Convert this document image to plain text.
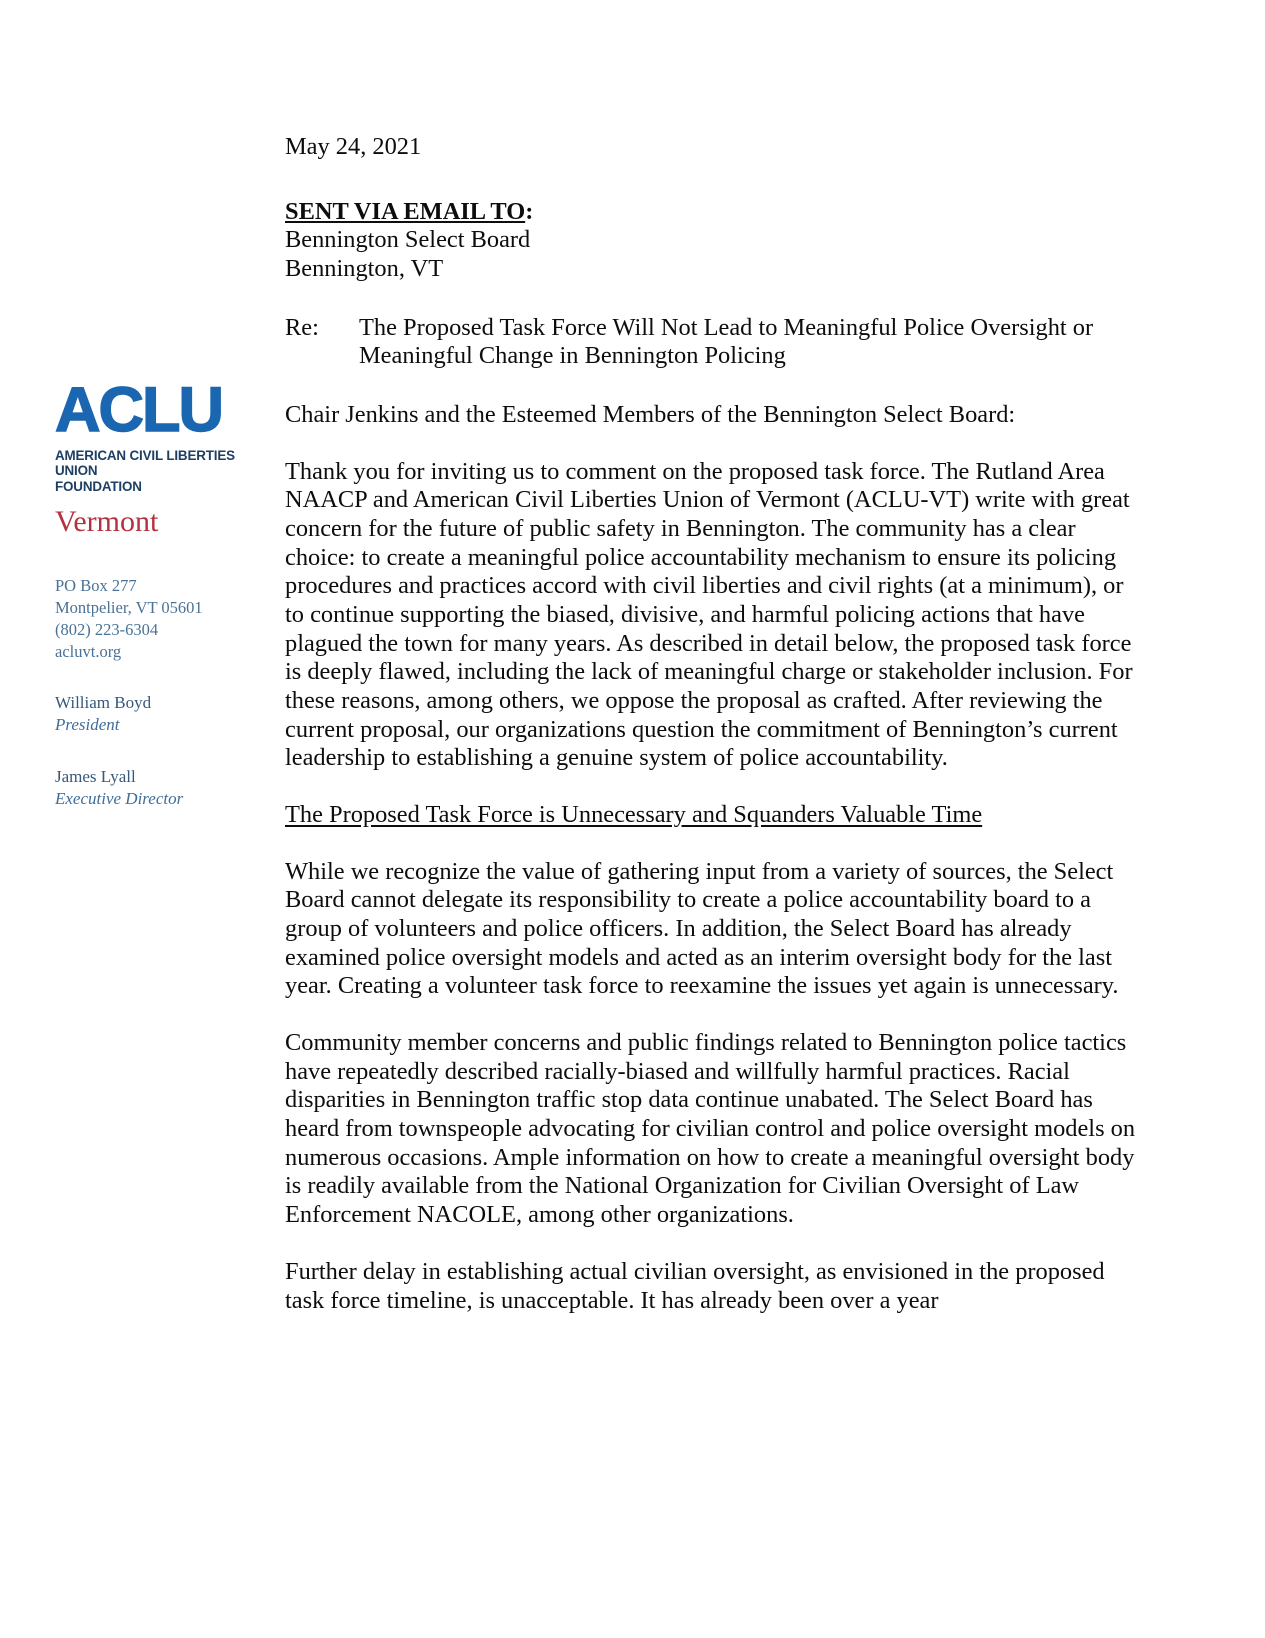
ACLU
AMERICAN CIVIL LIBERTIES UNION
FOUNDATION
Vermont
PO Box 277
Montpelier, VT 05601
(802) 223-6304
acluvt.org
William Boyd
President
James Lyall
Executive Director

May 24, 2021

SENT VIA EMAIL TO:

Bennington Select Board

Bennington, VT

Re:	The Proposed Task Force Will Not Lead to Meaningful Police Oversight or Meaningful Change in Bennington Policing

Chair Jenkins and the Esteemed Members of the Bennington Select Board:

Thank you for inviting us to comment on the proposed task force. The Rutland Area NAACP and American Civil Liberties Union of Vermont (ACLU-VT) write with great concern for the future of public safety in Bennington. The community has a clear choice: to create a meaningful police accountability mechanism to ensure its policing procedures and practices accord with civil liberties and civil rights (at a minimum), or to continue supporting the biased, divisive, and harmful policing actions that have plagued the town for many years. As described in detail below, the proposed task force is deeply flawed, including the lack of meaningful charge or stakeholder inclusion. For these reasons, among others, we oppose the proposal as crafted. After reviewing the current proposal, our organizations question the commitment of Bennington’s current leadership to establishing a genuine system of police accountability.

The Proposed Task Force is Unnecessary and Squanders Valuable Time

While we recognize the value of gathering input from a variety of sources, the Select Board cannot delegate its responsibility to create a police accountability board to a group of volunteers and police officers. In addition, the Select Board has already examined police oversight models and acted as an interim oversight body for the last year. Creating a volunteer task force to reexamine the issues yet again is unnecessary.

Community member concerns and public findings related to Bennington police tactics have repeatedly described racially-biased and willfully harmful practices. Racial disparities in Bennington traffic stop data continue unabated. The Select Board has heard from townspeople advocating for civilian control and police oversight models on numerous occasions. Ample information on how to create a meaningful oversight body is readily available from the National Organization for Civilian Oversight of Law Enforcement NACOLE, among other organizations.

Further delay in establishing actual civilian oversight, as envisioned in the proposed task force timeline, is unacceptable. It has already been over a year
